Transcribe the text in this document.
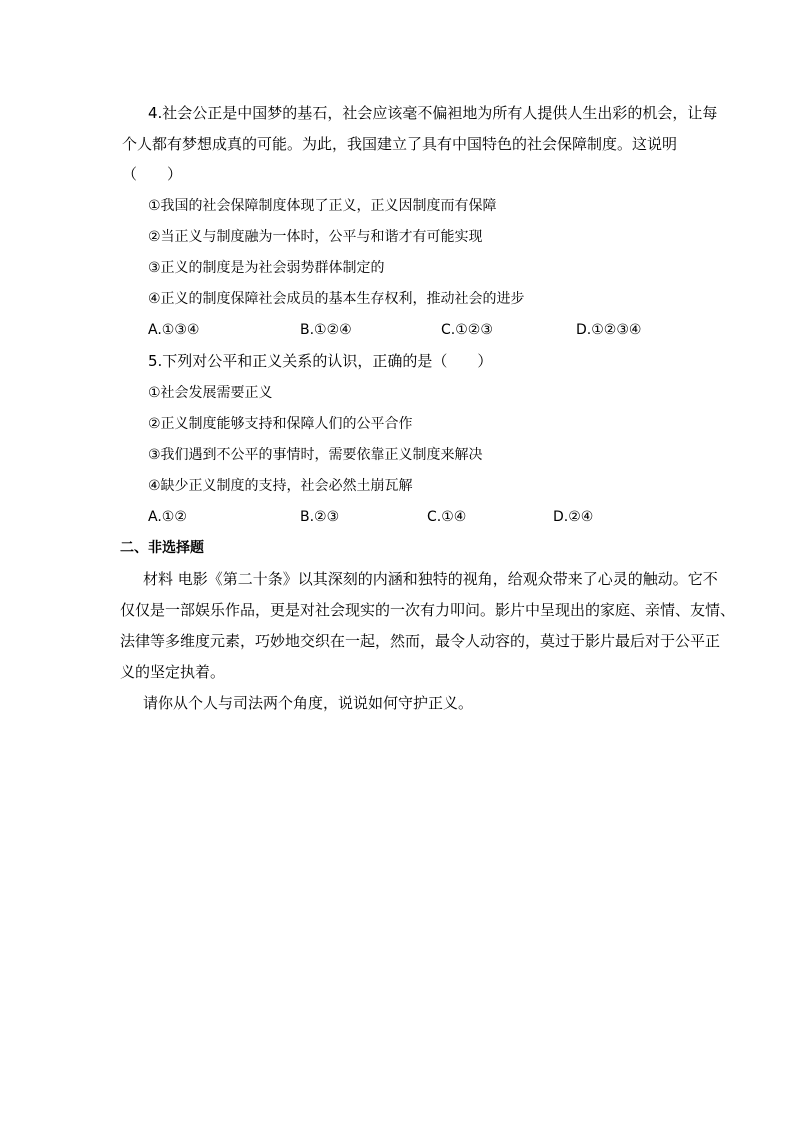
4.社会公正是中国梦的基石，社会应该毫不偏袒地为所有人提供人生出彩的机会，让每
个人都有梦想成真的可能。为此，我国建立了具有中国特色的社会保障制度。这说明
（　　）
①我国的社会保障制度体现了正义，正义因制度而有保障
②当正义与制度融为一体时，公平与和谐才有可能实现
③正义的制度是为社会弱势群体制定的
④正义的制度保障社会成员的基本生存权利，推动社会的进步
A.①③④	B.①②④	C.①②③	D.①②③④
5.下列对公平和正义关系的认识，正确的是（　　）
①社会发展需要正义
②正义制度能够支持和保障人们的公平合作
③我们遇到不公平的事情时，需要依靠正义制度来解决
④缺少正义制度的支持，社会必然土崩瓦解
A.①②	B.②③	C.①④	D.②④
二、非选择题
材料 电影《第二十条》以其深刻的内涵和独特的视角，给观众带来了心灵的触动。它不
仅仅是一部娱乐作品，更是对社会现实的一次有力叩问。影片中呈现出的家庭、亲情、友情、
法律等多维度元素，巧妙地交织在一起，然而，最令人动容的，莫过于影片最后对于公平正
义的坚定执着。
请你从个人与司法两个角度，说说如何守护正义。
